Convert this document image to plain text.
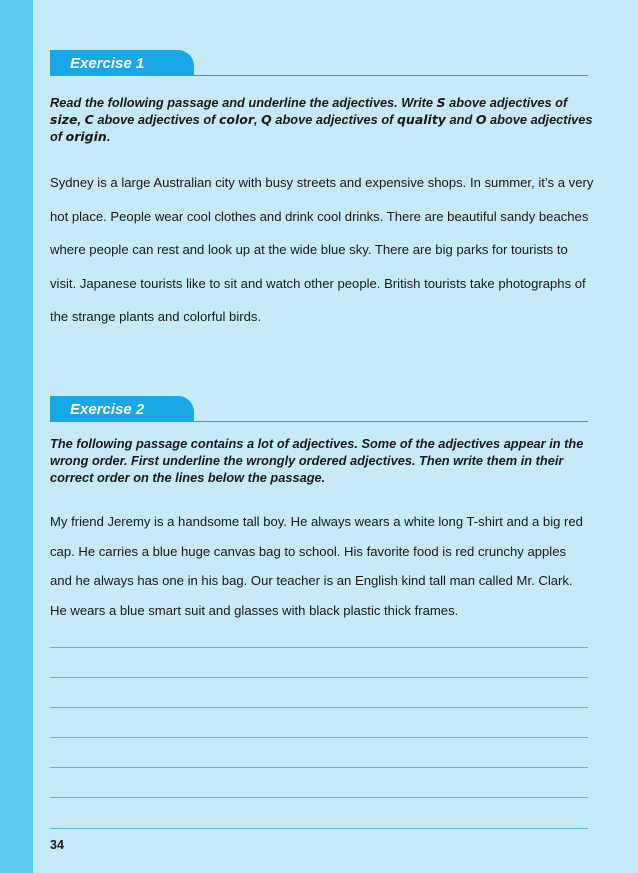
Exercise 1
Read the following passage and underline the adjectives. Write S above adjectives of size, C above adjectives of color, Q above adjectives of quality and O above adjectives of origin.
Sydney is a large Australian city with busy streets and expensive shops. In summer, it’s a very
hot place. People wear cool clothes and drink cool drinks. There are beautiful sandy beaches
where people can rest and look up at the wide blue sky. There are big parks for tourists to
visit. Japanese tourists like to sit and watch other people. British tourists take photographs of
the strange plants and colorful birds.
Exercise 2
The following passage contains a lot of adjectives. Some of the adjectives appear in the wrong order. First underline the wrongly ordered adjectives. Then write them in their correct order on the lines below the passage.
My friend Jeremy is a handsome tall boy. He always wears a white long T-shirt and a big red
cap. He carries a blue huge canvas bag to school. His favorite food is red crunchy apples
and he always has one in his bag. Our teacher is an English kind tall man called Mr. Clark.
He wears a blue smart suit and glasses with black plastic thick frames.
34
